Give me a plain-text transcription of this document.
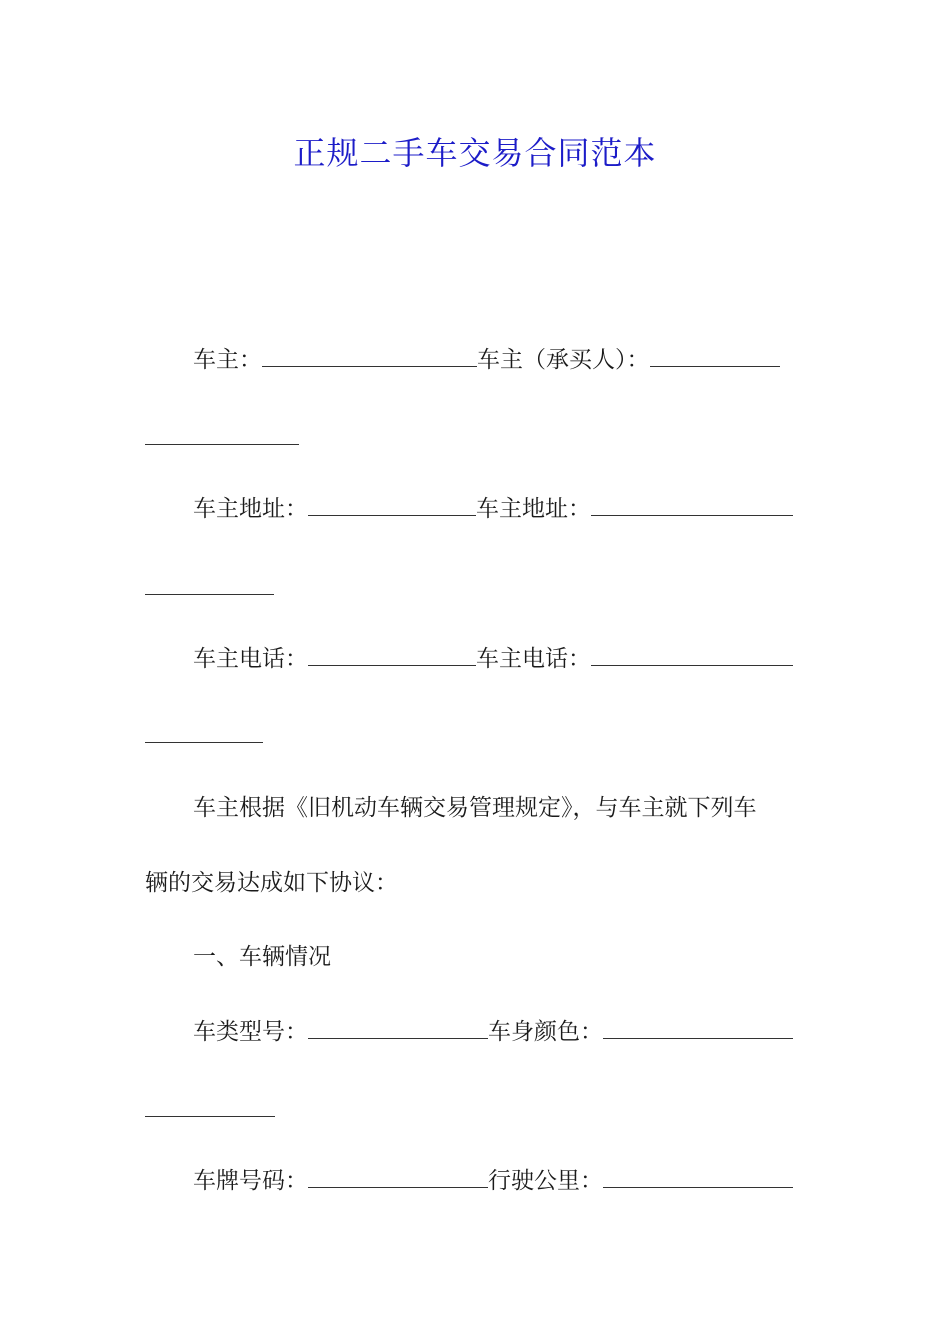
正规二手车交易合同范本
车主：	车主（承买人）：
车主地址：	车主地址：
车主电话：	车主电话：
车主根据《旧机动车辆交易管理规定》，与车主就下列车
辆的交易达成如下协议：
一、车辆情况
车类型号：	车身颜色：
车牌号码：	行驶公里：
